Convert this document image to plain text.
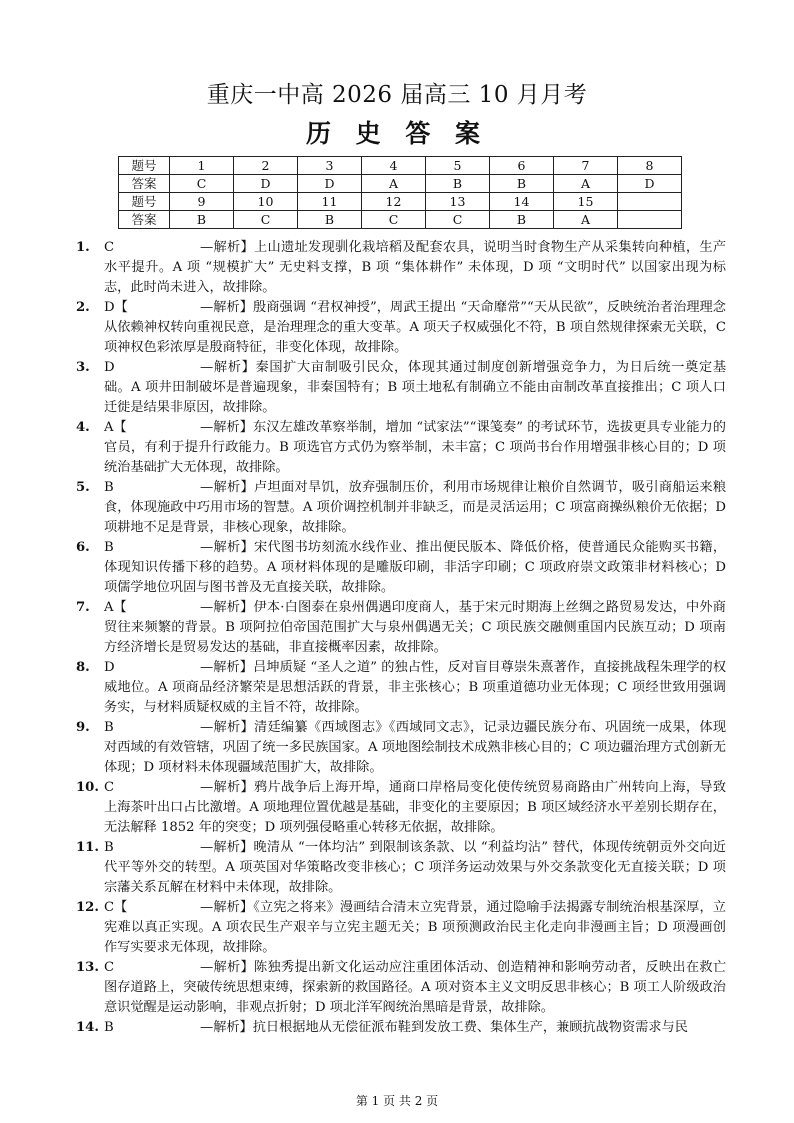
重庆一中高 2026 届高三 10 月月考
历 史 答 案
题号	1	2	3	4	5	6	7	8
答案	C	D	D	A	B	B	A	D
题号	9	10	11	12	13	14	15	
答案	B	C	B	C	C	B	A	
1. C	—解析】上山遗址发现驯化栽培稻及配套农具，说明当时食物生产从采集转向种植，生产水平提升。A 项 “规模扩大” 无史料支撑，B 项 “集体耕作” 未体现，D 项 “文明时代” 以国家出现为标志，此时尚未进入，故排除。
2. D【	—解析】殷商强调 “君权神授”，周武王提出 “天命靡常”“天从民欲”，反映统治者治理理念从依赖神权转向重视民意，是治理理念的重大变革。A 项天子权威强化不符，B 项自然规律探索无关联，C 项神权色彩浓厚是殷商特征，非变化体现，故排除。
3. D	—解析】秦国扩大亩制吸引民众，体现其通过制度创新增强竞争力，为日后统一奠定基础。A 项井田制破坏是普遍现象，非秦国特有；B 项土地私有制确立不能由亩制改革直接推出；C 项人口迁徙是结果非原因，故排除。
4. A【	—解析】东汉左雄改革察举制，增加 “试家法”“课笺奏” 的考试环节，选拔更具专业能力的官员，有利于提升行政能力。B 项选官方式仍为察举制，未丰富；C 项尚书台作用增强非核心目的；D 项统治基础扩大无体现，故排除。
5. B	—解析】卢坦面对旱饥，放弃强制压价，利用市场规律让粮价自然调节，吸引商船运来粮食，体现施政中巧用市场的智慧。A 项价调控机制并非缺乏，而是灵活运用；C 项富商操纵粮价无依据；D 项耕地不足是背景，非核心现象，故排除。
6. B	—解析】宋代图书坊刻流水线作业、推出便民版本、降低价格，使普通民众能购买书籍，体现知识传播下移的趋势。A 项材料体现的是雕版印刷，非活字印刷；C 项政府崇文政策非材料核心；D 项儒学地位巩固与图书普及无直接关联，故排除。
7. A【	—解析】伊本·白图泰在泉州偶遇印度商人，基于宋元时期海上丝绸之路贸易发达，中外商贸往来频繁的背景。B 项阿拉伯帝国范围扩大与泉州偶遇无关；C 项民族交融侧重国内民族互动；D 项南方经济增长是贸易发达的基础，非直接概率因素，故排除。
8. D	—解析】吕坤质疑 “圣人之道” 的独占性，反对盲目尊崇朱熹著作，直接挑战程朱理学的权威地位。A 项商品经济繁荣是思想活跃的背景，非主张核心；B 项重道德功业无体现；C 项经世致用强调务实，与材料质疑权威的主旨不符，故排除。
9. B	—解析】清廷编纂《西域图志》《西域同文志》，记录边疆民族分布、巩固统一成果，体现对西域的有效管辖，巩固了统一多民族国家。A 项地图绘制技术成熟非核心目的；C 项边疆治理方式创新无体现；D 项材料未体现疆域范围扩大，故排除。
10. C	—解析】鸦片战争后上海开埠，通商口岸格局变化使传统贸易商路由广州转向上海，导致上海茶叶出口占比激增。A 项地理位置优越是基础，非变化的主要原因；B 项区域经济水平差别长期存在，无法解释 1852 年的突变；D 项列强侵略重心转移无依据，故排除。
11. B	—解析】晚清从 “一体均沾” 到限制该条款、以 “利益均沾” 替代，体现传统朝贡外交向近代平等外交的转型。A 项英国对华策略改变非核心；C 项洋务运动效果与外交条款变化无直接关联；D 项宗藩关系瓦解在材料中未体现，故排除。
12. C【	—解析】《立宪之将来》漫画结合清末立宪背景，通过隐喻手法揭露专制统治根基深厚，立宪难以真正实现。A 项农民生产艰辛与立宪主题无关；B 项预测政治民主化走向非漫画主旨；D 项漫画创作写实要求无体现，故排除。
13. C	—解析】陈独秀提出新文化运动应注重团体活动、创造精神和影响劳动者，反映出在救亡图存道路上，突破传统思想束缚，探索新的救国路径。A 项对资本主义文明反思非核心；B 项工人阶级政治意识觉醒是运动影响，非观点折射；D 项北洋军阀统治黑暗是背景，故排除。
14. B	—解析】抗日根据地从无偿征派布鞋到发放工费、集体生产，兼顾抗战物资需求与民
第 1 页 共 2 页
